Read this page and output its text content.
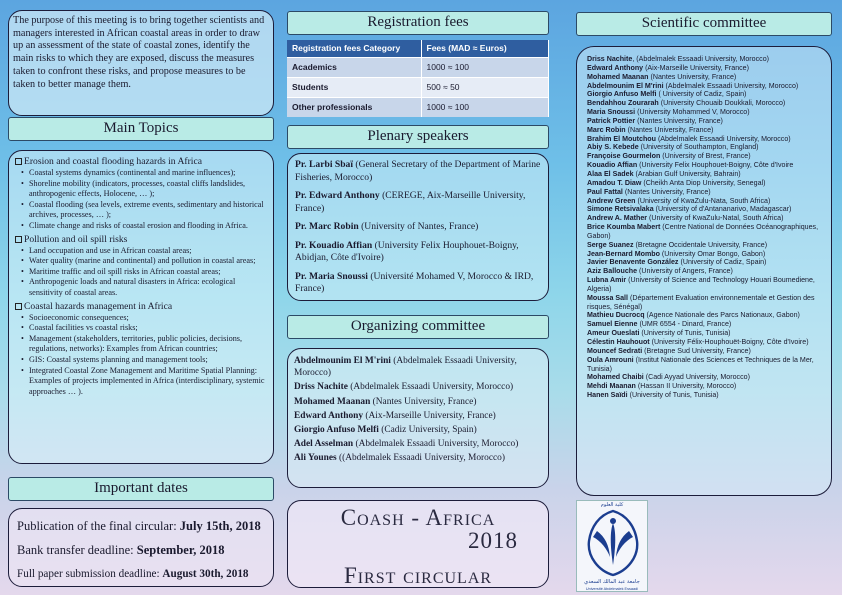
The purpose of this meeting is to bring together scientists and managers interested in African coastal areas in order to draw up an assessment of the state of coastal zones, identify the main risks to which they are exposed, discuss the measures taken to confront these risks, and propose measures to be taken to better manage them.

Main Topics
Erosion and coastal flooding hazards in Africa
• Coastal systems dynamics (continental and marine influences);
• Shoreline mobility (indicators, processes, coastal cliffs landslides, anthropogenic effects, Holocene, … );
• Coastal flooding (sea levels, extreme events, sedimentary and historical archives, processes, … );
• Climate change and risks of coastal erosion and flooding in Africa.
Pollution and oil spill risks
• Land occupation and use in African coastal areas;
• Water quality (marine and continental) and pollution in coastal areas;
• Maritime traffic and oil spill risks in African coastal areas;
• Anthropogenic loads and natural disasters in Africa: ecological sensitivity of coastal areas.
Coastal hazards management in Africa
• Socioeconomic consequences;
• Coastal facilities vs coastal risks;
• Management (stakeholders, territories, public policies, decisions, regulations, networks): Examples from African countries;
• GIS: Coastal systems planning and management tools;
• Integrated Coastal Zone Management and Maritime Spatial Planning: Examples of projects implemented in Africa (interdisciplinary, systemic approaches … ).
Important dates
Publication of the final circular: July 15th, 2018
Bank transfer deadline: September, 2018
Full paper submission deadline: August 30th, 2018
Registration fees
Registration fees Category	Fees (MAD ≈ Euros)
Academics	1000 ≈ 100
Students	500 ≈ 50
Other professionals	1000 ≈ 100
Plenary speakers
Pr. Larbi Sbaï (General Secretary of the Department of Marine Fisheries, Morocco)
Pr. Edward Anthony (CEREGE, Aix-Marseille University, France)
Pr. Marc Robin (University of Nantes, France)
Pr. Kouadio Affian (University Felix Houphouet-Boigny, Abidjan, Côte d'Ivoire)
Pr. Maria Snoussi (Université Mohamed V, Morocco & IRD, France)
Organizing committee
Abdelmounim El M'rini (Abdelmalek Essaadi University, Morocco)
Driss Nachite (Abdelmalek Essaadi University, Morocco)
Mohamed Maanan (Nantes University, France)
Edward Anthony (Aix-Marseille University, France)
Giorgio Anfuso Melfi (Cadiz University, Spain)
Adel Asselman (Abdelmalek Essaadi University, Morocco)
Ali Younes ((Abdelmalek Essaadi University, Morocco)
Coash - Africa
2018
First circular
Scientific committee
Driss Nachite, (Abdelmalek Essaadi University, Morocco)
Edward Anthony (Aix-Marseille University, France)
Mohamed Maanan (Nantes University, France)
Abdelmounim El M'rini (Abdelmalek Essaadi University, Morocco)
Giorgio Anfuso Melfi ( University of Cadiz, Spain)
Bendahhou Zourarah (University Chouaib Doukkali, Morocco)
Maria Snoussi (University Mohammed V, Morocco)
Patrick Pottier (Nantes University, France)
Marc Robin (Nantes University, France)
Brahim El Moutchou (Abdelmalek Essaadi University, Morocco)
Abiy S. Kebede (University of Southampton, England)
Françoise Gourmelon (University of Brest, France)
Kouadio Affian (University Felix Houphouet-Boigny, Côte d'Ivoire
Alaa El Sadek (Arabian Gulf University, Bahrain)
Amadou T. Diaw (Cheikh Anta Diop University, Senegal)
Paul Fattal (Nantes University, France)
Andrew Green (University of KwaZulu-Nata, South Africa)
Simone Retsivalaka (University of d'Antananarivo, Madagascar)
Andrew A. Mather (University of KwaZulu-Natal, South Africa)
Brice Koumba Mabert (Centre National de Données Océanographiques, Gabon)
Serge Suanez (Bretagne Occidentale University, France)
Jean-Bernard Mombo (University Omar Bongo, Gabon)
Javier Benavente González (University of Cadiz, Spain)
Aziz Ballouche (University of Angers, France)
Lubna Amir (University of Science and Technology Houari Boumediene, Algeria)
Moussa Sall (Département Evaluation environnementale et Gestion des risques, Sénégal)
Mathieu Ducrocq (Agence Nationale des Parcs Nationaux, Gabon)
Samuel Eienne (UMR 6554 - Dinard, France)
Ameur Oueslati (University of Tunis, Tunisia)
Célestin Hauhouot (University Félix-Houphouët-Boigny, Côte d'Ivoire)
Mouncef Sedrati (Bretagne Sud University, France)
Oula Amrouni (Institut Nationale des Sciences et Techniques de la Mer, Tunisia)
Mohamed Chaibi (Cadi Ayyad University, Morocco)
Mehdi Maanan (Hassan II University, Morocco)
Hanen Saïdi (University of Tunis, Tunisia)
كلية العلوم
جامعة عبد المالك السعدي
Université Abdelmalek Essaadi
